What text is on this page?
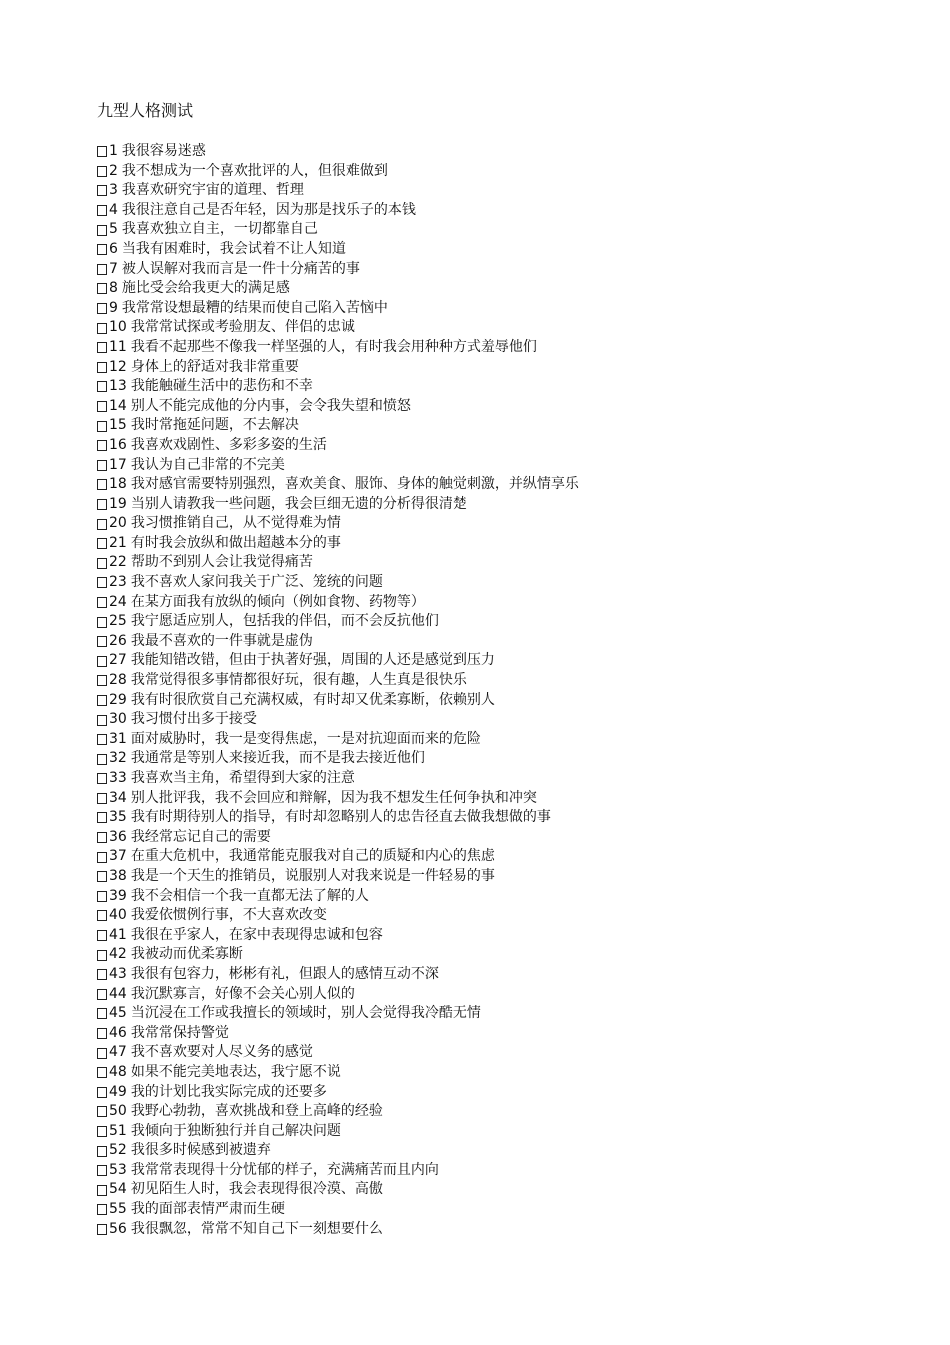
九型人格测试
1 我很容易迷惑
2 我不想成为一个喜欢批评的人，但很难做到
3 我喜欢研究宇宙的道理、哲理
4 我很注意自己是否年轻，因为那是找乐子的本钱
5 我喜欢独立自主，一切都靠自己
6 当我有困难时，我会试着不让人知道
7 被人误解对我而言是一件十分痛苦的事
8 施比受会给我更大的满足感
9 我常常设想最糟的结果而使自己陷入苦恼中
10 我常常试探或考验朋友、伴侣的忠诚
11 我看不起那些不像我一样坚强的人，有时我会用种种方式羞辱他们
12 身体上的舒适对我非常重要
13 我能触碰生活中的悲伤和不幸
14 别人不能完成他的分内事，会令我失望和愤怒
15 我时常拖延问题，不去解决
16 我喜欢戏剧性、多彩多姿的生活
17 我认为自己非常的不完美
18 我对感官需要特别强烈，喜欢美食、服饰、身体的触觉刺激，并纵情享乐
19 当别人请教我一些问题，我会巨细无遗的分析得很清楚
20 我习惯推销自己，从不觉得难为情
21 有时我会放纵和做出超越本分的事
22 帮助不到别人会让我觉得痛苦
23 我不喜欢人家问我关于广泛、笼统的问题
24 在某方面我有放纵的倾向（例如食物、药物等）
25 我宁愿适应别人，包括我的伴侣，而不会反抗他们
26 我最不喜欢的一件事就是虚伪
27 我能知错改错，但由于执著好强，周围的人还是感觉到压力
28 我常觉得很多事情都很好玩，很有趣，人生真是很快乐
29 我有时很欣赏自己充满权威，有时却又优柔寡断，依赖别人
30 我习惯付出多于接受
31 面对威胁时，我一是变得焦虑，一是对抗迎面而来的危险
32 我通常是等别人来接近我，而不是我去接近他们
33 我喜欢当主角，希望得到大家的注意
34 别人批评我，我不会回应和辩解，因为我不想发生任何争执和冲突
35 我有时期待别人的指导，有时却忽略别人的忠告径直去做我想做的事
36 我经常忘记自己的需要
37 在重大危机中，我通常能克服我对自己的质疑和内心的焦虑
38 我是一个天生的推销员，说服别人对我来说是一件轻易的事
39 我不会相信一个我一直都无法了解的人
40 我爱依惯例行事，不大喜欢改变
41 我很在乎家人，在家中表现得忠诚和包容
42 我被动而优柔寡断
43 我很有包容力，彬彬有礼，但跟人的感情互动不深
44 我沉默寡言，好像不会关心别人似的
45 当沉浸在工作或我擅长的领域时，别人会觉得我冷酷无情
46 我常常保持警觉
47 我不喜欢要对人尽义务的感觉
48 如果不能完美地表达，我宁愿不说
49 我的计划比我实际完成的还要多
50 我野心勃勃，喜欢挑战和登上高峰的经验
51 我倾向于独断独行并自己解决问题
52 我很多时候感到被遗弃
53 我常常表现得十分忧郁的样子，充满痛苦而且内向
54 初见陌生人时，我会表现得很冷漠、高傲
55 我的面部表情严肃而生硬
56 我很飘忽，常常不知自己下一刻想要什么
